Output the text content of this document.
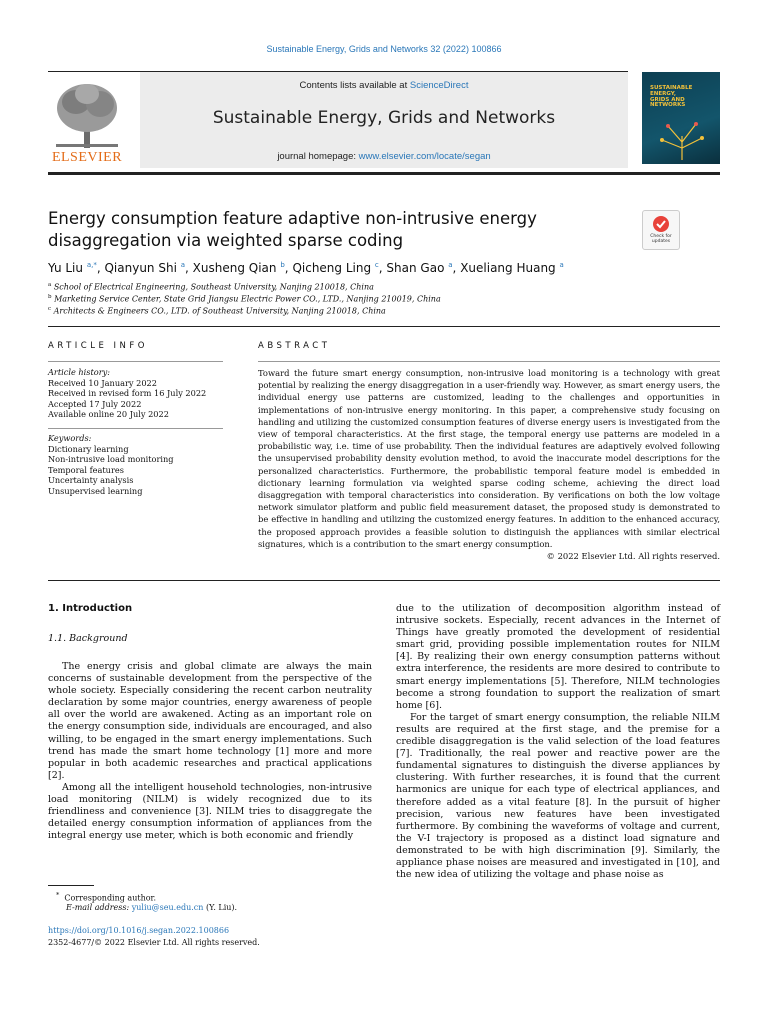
Sustainable Energy, Grids and Networks 32 (2022) 100866
Contents lists available at ScienceDirect
Sustainable Energy, Grids and Networks
journal homepage: www.elsevier.com/locate/segan
ELSEVIER
SUSTAINABLE
ENERGY,
GRIDS AND
NETWORKS
Energy consumption feature adaptive non-intrusive energy disaggregation via weighted sparse coding	Check for updates
Yu Liu $^{a,*}$, Qianyun Shi $^a$, Xusheng Qian $^b$, Qicheng Ling $^c$, Shan Gao $^a$, Xueliang Huang $^a$
$^a$ School of Electrical Engineering, Southeast University, Nanjing 210018, China
$^b$ Marketing Service Center, State Grid Jiangsu Electric Power CO., LTD., Nanjing 210019, China
$^c$ Architects & Engineers CO., LTD. of Southeast University, Nanjing 210018, China
ARTICLE INFO	ABSTRACT
Article history:
Received 10 January 2022
Received in revised form 16 July 2022
Accepted 17 July 2022
Available online 20 July 2022
Keywords:
Dictionary learning
Non-intrusive load monitoring
Temporal features
Uncertainty analysis
Unsupervised learning
Toward the future smart energy consumption, non-intrusive load monitoring is a technology with great potential by realizing the energy disaggregation in a user-friendly way. However, as smart energy users, the individual energy use patterns are customized, leading to the challenges and opportunities in implementations of non-intrusive energy monitoring. In this paper, a comprehensive study focusing on handling and utilizing the customized consumption features of diverse energy users is investigated from the view of temporal characteristics. At the first stage, the temporal energy use patterns are modeled in a probabilistic way, i.e. time of use probability. Then the individual features are adaptively evolved following the unsupervised probability density evolution method, to avoid the inaccurate model descriptions for the personalized characteristics. Furthermore, the probabilistic temporal feature model is embedded in dictionary learning formulation via weighted sparse coding scheme, achieving the direct load disaggregation with temporal characteristics into consideration. By verifications on both the low voltage network simulator platform and public field measurement dataset, the proposed study is demonstrated to be effective in handling and utilizing the customized energy features. In addition to the enhanced accuracy, the proposed approach provides a feasible solution to distinguish the appliances with similar electrical signatures, which is a contribution to the smart energy consumption.
© 2022 Elsevier Ltd. All rights reserved.
1. Introduction
1.1. Background

The energy crisis and global climate are always the main concerns of sustainable development from the perspective of the whole society. Especially considering the recent carbon neutrality declaration by some major countries, energy awareness of people all over the world are awakened. Acting as an important role on the energy consumption side, individuals are encouraged, and also willing, to be engaged in the smart energy implementations. Such trend has made the smart home technology [1] more and more popular in both academic researches and practical applications [2].

Among all the intelligent household technologies, non-intrusive load monitoring (NILM) is widely recognized due to its friendliness and convenience [3]. NILM tries to disaggregate the detailed energy consumption information of appliances from the integral energy use meter, which is both economic and friendly

due to the utilization of decomposition algorithm instead of intrusive sockets. Especially, recent advances in the Internet of Things have greatly promoted the development of residential smart grid, providing possible implementation routes for NILM [4]. By realizing their own energy consumption patterns without extra interference, the residents are more desired to contribute to smart energy implementations [5]. Therefore, NILM technologies become a strong foundation to support the realization of smart home [6].

For the target of smart energy consumption, the reliable NILM results are required at the first stage, and the premise for a credible disaggregation is the valid selection of the load features [7]. Traditionally, the real power and reactive power are the fundamental signatures to distinguish the diverse appliances by clustering. With further researches, it is found that the current harmonics are unique for each type of electrical appliances, and therefore added as a vital feature [8]. In the pursuit of higher precision, various new features have been investigated furthermore. By combining the waveforms of voltage and current, the V-I trajectory is proposed as a distinct load signature and demonstrated to be with high discrimination [9]. Similarly, the appliance phase noises are measured and investigated in [10], and the new idea of utilizing the voltage and phase noise as

* Corresponding author.
E-mail address: yuliu@seu.edu.cn (Y. Liu).
https://doi.org/10.1016/j.segan.2022.100866
2352-4677/© 2022 Elsevier Ltd. All rights reserved.
